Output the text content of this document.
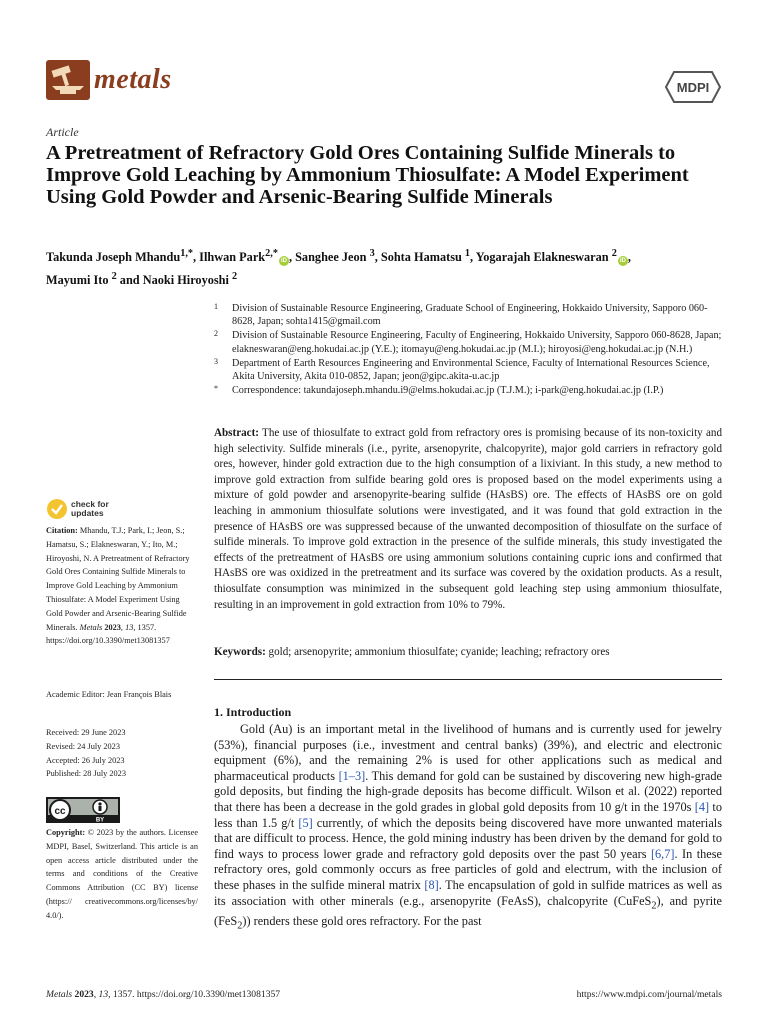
metals	MDPI
Article
A Pretreatment of Refractory Gold Ores Containing Sulfide Minerals to Improve Gold Leaching by Ammonium Thiosulfate: A Model Experiment Using Gold Powder and Arsenic-Bearing Sulfide Minerals
Takunda Joseph Mhandu$^{1,*}$, Ilhwan Park$^{2,*}$iD , Sanghee Jeon $^3$, Sohta Hamatsu $^1$, Yogarajah Elakneswaran $^2$iD ,
Mayumi Ito $^2$ and Naoki Hiroyoshi $^2$
1 Division of Sustainable Resource Engineering, Graduate School of Engineering, Hokkaido University, Sapporo 060-8628, Japan; sohta1415@gmail.com
2 Division of Sustainable Resource Engineering, Faculty of Engineering, Hokkaido University, Sapporo 060-8628, Japan; elakneswaran@eng.hokudai.ac.jp (Y.E.); itomayu@eng.hokudai.ac.jp (M.I.); hiroyosi@eng.hokudai.ac.jp (N.H.)
3 Department of Earth Resources Engineering and Environmental Science, Faculty of International Resources Science, Akita University, Akita 010-0852, Japan; jeon@gipc.akita-u.ac.jp
* Correspondence: takundajoseph.mhandu.i9@elms.hokudai.ac.jp (T.J.M.); i-park@eng.hokudai.ac.jp (I.P.)
Abstract: The use of thiosulfate to extract gold from refractory ores is promising because of its non-toxicity and high selectivity. Sulfide minerals (i.e., pyrite, arsenopyrite, chalcopyrite), major gold carriers in refractory gold ores, however, hinder gold extraction due to the high consumption of a lixiviant. In this study, a new method to improve gold extraction from sulfide bearing gold ores is proposed based on the model experiments using a mixture of gold powder and arsenopyrite-bearing sulfide (HAsBS) ore. The effects of HAsBS ore on gold leaching in ammonium thiosulfate solutions were investigated, and it was found that gold extraction in the presence of HAsBS ore was suppressed because of the unwanted decomposition of thiosulfate on the surface of sulfide minerals. To improve gold extraction in the presence of the sulfide minerals, this study investigated the effects of the pretreatment of HAsBS ore using ammonium solutions containing cupric ions and confirmed that HAsBS ore was oxidized in the pretreatment and its surface was covered by the oxidation products. As a result, thiosulfate consumption was minimized in the subsequent gold leaching step using ammonium thiosulfate, resulting in an improvement in gold extraction from 10% to 79%.
Keywords: gold; arsenopyrite; ammonium thiosulfate; cyanide; leaching; refractory ores
check for
updates
Citation: Mhandu, T.J.; Park, I.; Jeon, S.; Hamatsu, S.; Elakneswaran, Y.; Ito, M.; Hiroyoshi, N. A Pretreatment of Refractory Gold Ores Containing Sulfide Minerals to Improve Gold Leaching by Ammonium Thiosulfate: A Model Experiment Using Gold Powder and Arsenic-Bearing Sulfide Minerals. Metals 2023, 13, 1357. https://doi.org/10.3390/met13081357
Academic Editor: Jean François Blais
Received: 29 June 2023
Revised: 24 July 2023
Accepted: 26 July 2023
Published: 28 July 2023
cc
BY
Copyright: © 2023 by the authors. Licensee MDPI, Basel, Switzerland. This article is an open access article distributed under the terms and conditions of the Creative Commons Attribution (CC BY) license (https:// creativecommons.org/licenses/by/ 4.0/).
1. Introduction

Gold (Au) is an important metal in the livelihood of humans and is currently used for jewelry (53%), financial purposes (i.e., investment and central banks) (39%), and electric and electronic equipment (6%), and the remaining 2% is used for other applications such as medical and pharmaceutical products [1–3]. This demand for gold can be sustained by discovering new high-grade gold deposits, but finding the high-grade deposits has become difficult. Wilson et al. (2022) reported that there has been a decrease in the gold grades in global gold deposits from 10 g/t in the 1970s [4] to less than 1.5 g/t [5] currently, of which the deposits being discovered have more unwanted materials that are difficult to process. Hence, the gold mining industry has been driven by the demand for gold to find ways to process lower grade and refractory gold deposits over the past 50 years [6,7]. In these refractory ores, gold commonly occurs as free particles of gold and electrum, with the inclusion of these phases in the sulfide mineral matrix [8]. The encapsulation of gold in sulfide matrices as well as its association with other minerals (e.g., arsenopyrite (FeAsS), chalcopyrite (CuFeS$_2$), and pyrite (FeS$_2$)) renders these gold ores refractory. For the past

Metals 2023, 13, 1357. https://doi.org/10.3390/met13081357	https://www.mdpi.com/journal/metals
